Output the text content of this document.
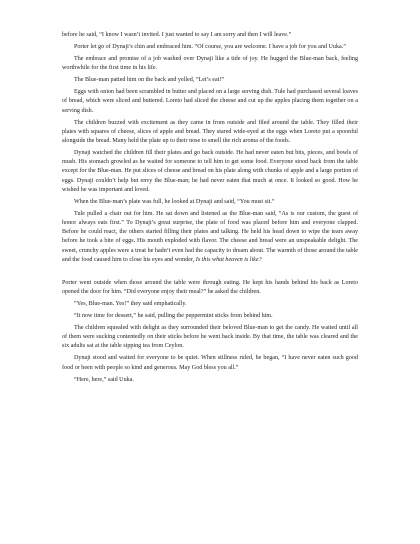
before he said, “I know I wasn’t invited. I just wanted to say I am sorry and then I will leave.”

Porter let go of Dynaji’s chin and embraced him. “Of course, you are welcome. I have a job for you and Uuka.”

The embrace and promise of a job washed over Dynaji like a tide of joy. He hugged the Blue-man back, feeling worthwhile for the first time in his life.

The Blue-man patted him on the back and yelled, “Let’s eat!”

Eggs with onion had been scrambled in butter and placed on a large serving dish. Tule had purchased several loaves of bread, which were sliced and buttered. Loreto had sliced the cheese and cut up the apples placing them together on a serving dish.

The children buzzed with excitement as they came in from outside and filed around the table. They filled their plates with squares of cheese, slices of apple and bread. They stared wide-eyed at the eggs when Loreto put a spoonful alongside the bread. Many held the plate up to their nose to smell the rich aroma of the foods.

Dynaji watched the children fill their plates and go back outside. He had never eaten but bits, pieces, and bowls of mush. His stomach growled as he waited for someone to tell him to get some food. Everyone stood back from the table except for the Blue-man. He put slices of cheese and bread on his plate along with chunks of apple and a large portion of eggs. Dynaji couldn’t help but envy the Blue-man; he had never eaten that much at once. It looked so good. How he wished he was important and loved.

When the Blue-man’s plate was full, he looked at Dynaji and said, “You must sit.”

Tule pulled a chair out for him. He sat down and listened as the Blue-man said, “As is our custom, the guest of honor always eats first.” To Dynaji’s great surprise, the plate of food was placed before him and everyone clapped. Before he could react, the others started filling their plates and talking. He held his head down to wipe the tears away before he took a bite of eggs. His mouth exploded with flavor. The cheese and bread were an unspeakable delight. The sweet, crunchy apples were a treat he hadn’t even had the capacity to dream about. The warmth of those around the table and the food caused him to close his eyes and wonder, Is this what heaven is like?

Porter went outside when those around the table were through eating. He kept his hands behind his back as Loreto opened the door for him. “Did everyone enjoy their meal?” he asked the children.

“Yes, Blue-man. Yes!” they said emphatically.

“It now time for dessert,” he said, pulling the peppermint sticks from behind him.

The children squealed with delight as they surrounded their beloved Blue-man to get the candy. He waited until all of them were sucking contentedly on their sticks before he went back inside. By that time, the table was cleared and the six adults sat at the table sipping tea from Ceylon.

Dynaji stood and waited for everyone to be quiet. When stillness ruled, he began, “I have never eaten such good food or been with people so kind and generous. May God bless you all.”

“Here, here,” said Uuka.
